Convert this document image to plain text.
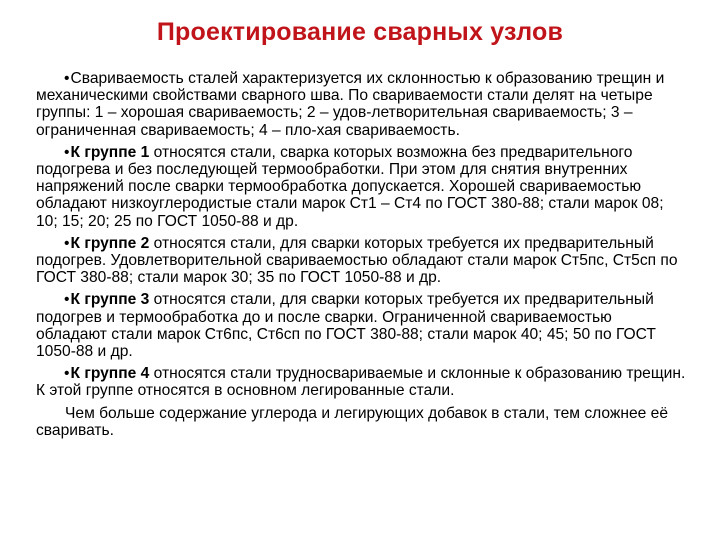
Проектирование сварных узлов

•Свариваемость сталей характеризуется их склонностью к образованию трещин и механическими свойствами сварного шва. По свариваемости стали делят на четыре группы: 1 – хорошая свариваемость; 2 – удов-летворительная свариваемость; 3 – ограниченная свариваемость; 4 – пло-хая свариваемость.

•К группе 1 относятся стали, сварка которых возможна без предварительного подогрева и без последующей термообработки. При этом для снятия внутренних напряжений после сварки термообработка допускается. Хорошей свариваемостью обладают низкоуглеродистые стали марок Ст1 – Ст4 по ГОСТ 380-88; стали марок 08; 10; 15; 20; 25 по ГОСТ 1050-88 и др.

•К группе 2 относятся стали, для сварки которых требуется их предварительный подогрев. Удовлетворительной свариваемостью обладают стали марок Ст5пс, Ст5сп по ГОСТ 380-88; стали марок 30; 35 по ГОСТ 1050-88 и др.

•К группе 3 относятся стали, для сварки которых требуется их предварительный подогрев и термообработка до и после сварки. Ограниченной свариваемостью обладают стали марок Ст6пс, Ст6сп по ГОСТ 380-88; стали марок 40; 45; 50 по ГОСТ 1050-88 и др.

•К группе 4 относятся стали трудносвариваемые и склонные к образованию трещин. К этой группе относятся в основном легированные стали.

Чем больше содержание углерода и легирующих добавок в стали, тем сложнее её сваривать.
